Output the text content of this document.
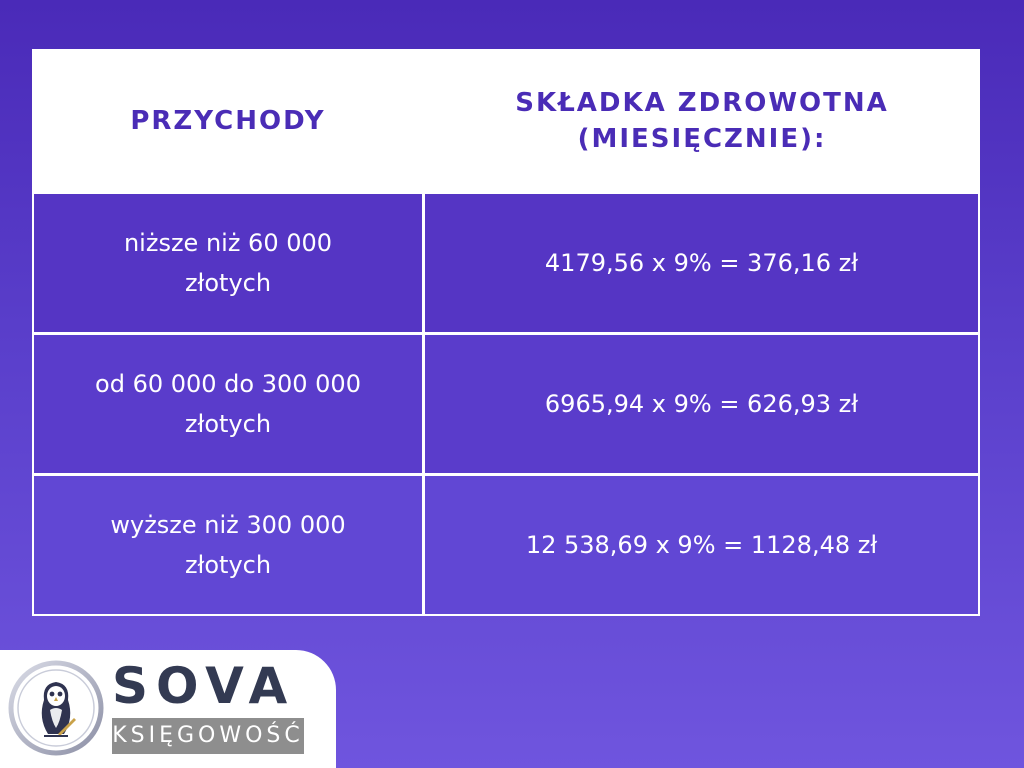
PRZYCHODY
SKŁADKA ZDROWOTNA
(MIESIĘCZNIE):
niższe niż 60 000
złotych
4179,56 x 9% = 376,16 zł
od 60 000 do 300 000
złotych
6965,94 x 9% = 626,93 zł
wyższe niż 300 000
złotych
12 538,69 x 9% = 1128,48 zł
SOVA
KSIĘGOWOŚĆ
